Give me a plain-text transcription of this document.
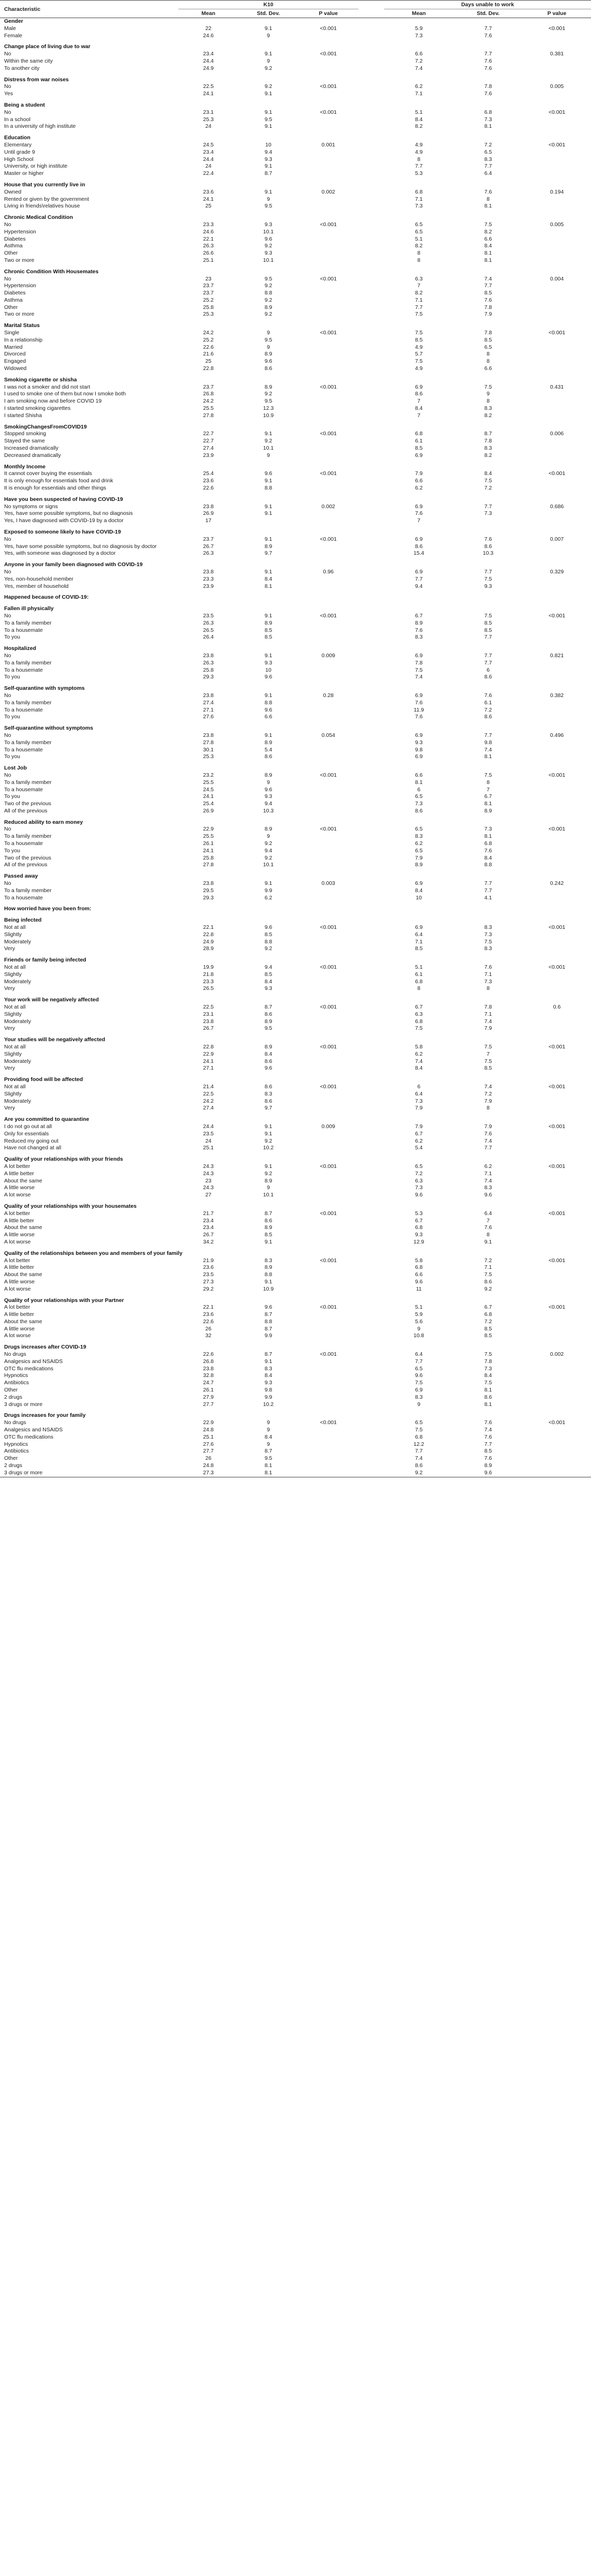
Characteristic	K10				Days unable to work		
	Mean	Std. Dev.	P value		Mean	Std. Dev.	P value
Gender							
Male	22	9.1	<0.001		5.9	7.7	<0.001
Female	24.6	9			7.3	7.6	
Change place of living due to war							
No	23.4	9.1	<0.001		6.6	7.7	0.381
Within the same city	24.4	9			7.2	7.6	
To another city	24.9	9.2			7.4	7.6	
Distress from war noises							
No	22.5	9.2	<0.001		6.2	7.8	0.005
Yes	24.1	9.1			7.1	7.6	
Being a student							
No	23.1	9.1	<0.001		5.1	6.8	<0.001
In a school	25.3	9.5			8.4	7.3	
In a university of high institute	24	9.1			8.2	8.1	
Education							
Elementary	24.5	10	0.001		4.9	7.2	<0.001
Until grade 9	23.4	9.4			4.9	6.5	
High School	24.4	9.3			8	8.3	
University, or high institute	24	9.1			7.7	7.7	
Master or higher	22.4	8.7			5.3	6.4	
House that you currently live in							
Owned	23.6	9.1	0.002		6.8	7.6	0.194
Rented or given by the government	24.1	9			7.1	8	
Living in friends\relatives house	25	9.5			7.3	8.1	
Chronic Medical Condition							
No	23.3	9.3	<0.001		6.5	7.5	0.005
Hypertension	24.6	10.1			6.5	8.2	
Diabetes	22.1	9.6			5.1	6.6	
Asthma	26.3	9.2			8.2	8.4	
Other	26.6	9.3			8	8.1	
Two or more	25.1	10.1			8	8.1	
Chronic Condition With Housemates							
No	23	9.5	<0.001		6.3	7.4	0.004
Hypertension	23.7	9.2			7	7.7	
Diabetes	23.7	8.8			8.2	8.5	
Asthma	25.2	9.2			7.1	7.6	
Other	25.8	8.9			7.7	7.8	
Two or more	25.3	9.2			7.5	7.9	
Marital Status							
Single	24.2	9	<0.001		7.5	7.8	<0.001
In a relationship	25.2	9.5			8.5	8.5	
Married	22.6	9			4.9	6.5	
Divorced	21.6	8.9			5.7	8	
Engaged	25	9.6			7.5	8	
Widowed	22.8	8.6			4.9	6.6	
Smoking cigarette or shisha							
I was not a smoker and did not start	23.7	8.9	<0.001		6.9	7.5	0.431
I used to smoke one of them but now I smoke both	26.8	9.2			8.6	9	
I am smoking now and before COVID 19	24.2	9.5			7	8	
I started smoking cigarettes	25.5	12.3			8.4	8.3	
I started Shisha	27.8	10.9			7	8.2	
SmokingChangesFromCOVID19							
Stopped smoking	22.7	9.1	<0.001		6.8	8.7	0.006
Stayed the same	22.7	9.2			6.1	7.8	
Increased dramatically	27.4	10.1			8.5	8.3	
Decreased dramatically	23.9	9			6.9	8.2	
Monthly Income							
It cannot cover buying the essentials	25.4	9.6	<0.001		7.9	8.4	<0.001
It is only enough for essentials food and drink	23.6	9.1			6.6	7.5	
It is enough for essentials and other things	22.6	8.8			6.2	7.2	
Have you been suspected of having COVID-19							
No symptoms or signs	23.8	9.1	0.002		6.9	7.7	0.686
Yes, have some possible symptoms, but no diagnosis	26.9	9.1			7.6	7.3	
Yes, I have diagnosed with COVID-19 by a doctor	17				7		
Exposed to someone likely to have COVID-19							
No	23.7	9.1	<0.001		6.9	7.6	0.007
Yes, have some possible symptoms, but no diagnosis by doctor	26.7	8.9			8.6	8.6	
Yes, with someone was diagnosed by a doctor	26.3	9.7			15.4	10.3	
Anyone in your family been diagnosed with COVID-19							
No	23.8	9.1	0.96		6.9	7.7	0.329
Yes, non-household member	23.3	8.4			7.7	7.5	
Yes, member of household	23.9	8.1			9.4	9.3	
Happened because of COVID-19:							
Fallen ill physically							
No	23.5	9.1	<0.001		6.7	7.5	<0.001
To a family member	26.3	8.9			8.9	8.5	
To a housemate	26.5	8.5			7.6	8.5	
To you	26.4	8.5			8.3	7.7	
Hospitalized							
No	23.8	9.1	0.009		6.9	7.7	0.821
To a family member	26.3	9.3			7.8	7.7	
To a housemate	25.8	10			7.5	6	
To you	29.3	9.6			7.4	8.6	
Self-quarantine with symptoms							
No	23.8	9.1	0.28		6.9	7.6	0.382
To a family member	27.4	8.8			7.6	6.1	
To a housemate	27.1	9.6			11.9	7.2	
To you	27.6	6.6			7.6	8.6	
Self-quarantine without symptoms							
No	23.8	9.1	0.054		6.9	7.7	0.496
To a family member	27.8	8.9			9.3	9.8	
To a housemate	30.1	5.4			9.8	7.4	
To you	25.3	8.6			6.9	8.1	
Lost Job							
No	23.2	8.9	<0.001		6.6	7.5	<0.001
To a family member	25.5	9			8.1	8	
To a housemate	24.5	9.6			6	7	
To you	24.1	9.3			6.5	6.7	
Two of the previous	25.4	9.4			7.3	8.1	
All of the previous	26.9	10.3			8.6	8.9	
Reduced ability to earn money							
No	22.9	8.9	<0.001		6.5	7.3	<0.001
To a family member	25.5	9			8.3	8.1	
To a housemate	26.1	9.2			6.2	6.8	
To you	24.1	9.4			6.5	7.6	
Two of the previous	25.8	9.2			7.9	8.4	
All of the previous	27.8	10.1			8.9	8.8	
Passed away							
No	23.8	9.1	0.003		6.9	7.7	0.242
To a family member	29.5	9.9			8.4	7.7	
To a housemate	29.3	6.2			10	4.1	
How worried have you been from:							
Being infected							
Not at all	22.1	9.6	<0.001		6.9	8.3	<0.001
Slightly	22.8	8.5			6.4	7.3	
Moderately	24.9	8.8			7.1	7.5	
Very	28.9	9.2			8.5	8.3	
Friends or family being infected							
Not at all	19.9	9.4	<0.001		5.1	7.6	<0.001
Slightly	21.8	8.5			6.1	7.1	
Moderately	23.3	8.4			6.8	7.3	
Very	26.5	9.3			8	8	
Your work will be negatively affected							
Not at all	22.5	8.7	<0.001		6.7	7.8	0.6
Slightly	23.1	8.6			6.3	7.1	
Moderately	23.8	8.9			6.8	7.4	
Very	26.7	9.5			7.5	7.9	
Your studies will be negatively affected							
Not at all	22.8	8.9	<0.001		5.8	7.5	<0.001
Slightly	22.9	8.4			6.2	7	
Moderately	24.1	8.6			7.4	7.5	
Very	27.1	9.6			8.4	8.5	
Providing food will be affected							
Not at all	21.4	8.6	<0.001		6	7.4	<0.001
Slightly	22.5	8.3			6.4	7.2	
Moderately	24.2	8.6			7.3	7.9	
Very	27.4	9.7			7.9	8	
Are you committed to quarantine							
I do not go out at all	24.4	9.1	0.009		7.9	7.9	<0.001
Only for essentials	23.5	9.1			6.7	7.6	
Reduced my going out	24	9.2			6.2	7.4	
Have not changed at all	25.1	10.2			5.4	7.7	
Quality of your relationships with your friends							
A lot better	24.3	9.1	<0.001		6.5	6.2	<0.001
A little better	24.3	9.2			7.2	7.1	
About the same	23	8.9			6.3	7.4	
A little worse	24.3	9			7.3	8.3	
A lot worse	27	10.1			9.6	9.6	
Quality of your relationships with your housemates							
A lot better	21.7	8.7	<0.001		5.3	6.4	<0.001
A little better	23.4	8.6			6.7	7	
About the same	23.4	8.9			6.8	7.6	
A little worse	26.7	8.5			9.3	8	
A lot worse	34.2	9.1			12.9	9.1	
Quality of the relationships between you and members of your family							
A lot better	21.9	8.3	<0.001		5.8	7.2	<0.001
A little better	23.6	8.9			6.8	7.1	
About the same	23.5	8.8			6.6	7.5	
A little worse	27.3	9.1			9.6	8.6	
A lot worse	29.2	10.9			11	9.2	
Quality of your relationships with your Partner							
A lot better	22.1	9.6	<0.001		5.1	6.7	<0.001
A little better	23.6	8.7			5.9	6.8	
About the same	22.6	8.8			5.6	7.2	
A little worse	26	8.7			9	8.5	
A lot worse	32	9.9			10.8	8.5	
Drugs increases after COVID-19							
No drugs	22.6	8.7	<0.001		6.4	7.5	0.002
Analgesics and NSAIDS	26.8	9.1			7.7	7.8	
OTC flu medications	23.8	8.3			6.5	7.3	
Hypnotics	32.8	8.4			9.6	8.4	
Antibiotics	24.7	9.3			7.5	7.5	
Other	26.1	9.8			6.9	8.1	
2 drugs	27.9	9.9			8.3	8.6	
3 drugs or more	27.7	10.2			9	8.1	
Drugs increases for your family							
No drugs	22.9	9	<0.001		6.5	7.6	<0.001
Analgesics and NSAIDS	24.8	9			7.5	7.4	
OTC flu medications	25.1	8.4			6.8	7.6	
Hypnotics	27.6	9			12.2	7.7	
Antibiotics	27.7	8.7			7.7	8.5	
Other	26	9.5			7.4	7.6	
2 drugs	24.8	8.1			8.6	8.9	
3 drugs or more	27.3	8.1			9.2	9.6	
